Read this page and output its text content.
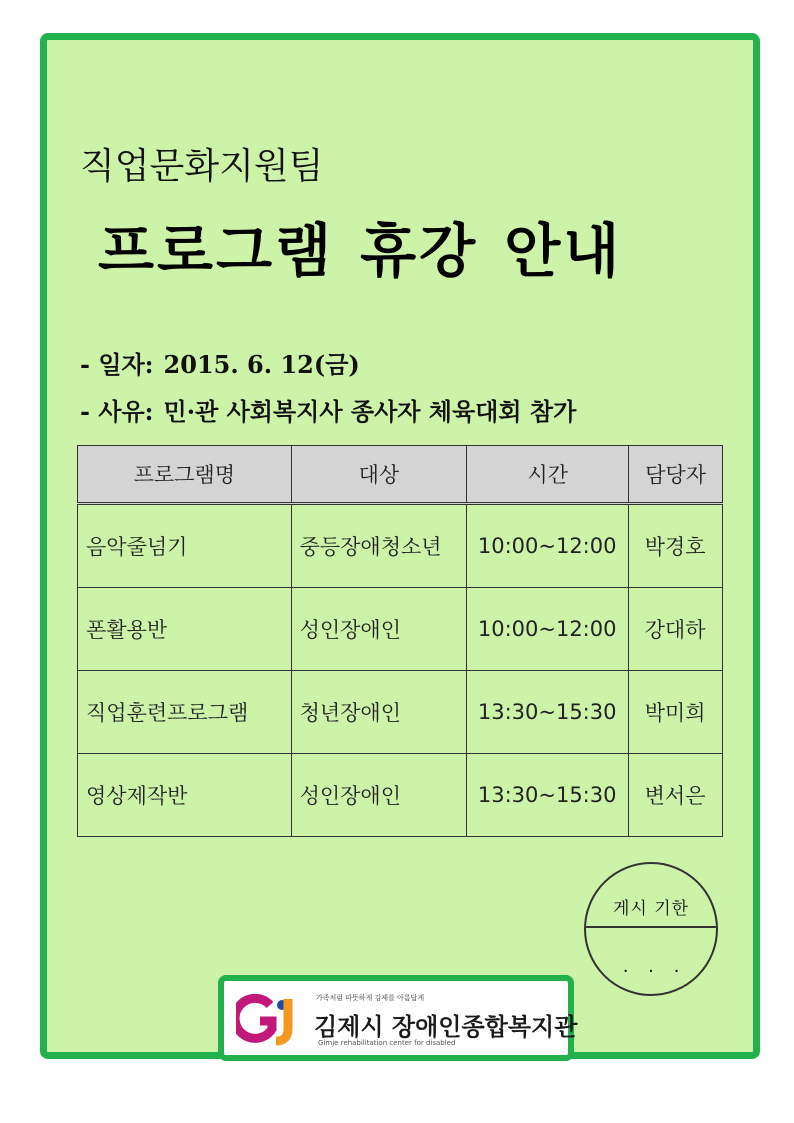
직업문화지원팀
프로그램 휴강 안내
- 일자: 2015. 6. 12(금)
- 사유: 민·관 사회복지사 종사자 체육대회 참가
프로그램명	대상	시간	담당자
음악줄넘기	중등장애청소년	10:00~12:00	박경호
폰활용반	성인장애인	10:00~12:00	강대하
직업훈련프로그램	청년장애인	13:30~15:30	박미희
영상제작반	성인장애인	13:30~15:30	변서은
게시 기한
. . .
가족처럼 따뜻하게 김제를 아름답게
김제시 장애인종합복지관
Gimje rehabilitation center for disabled
